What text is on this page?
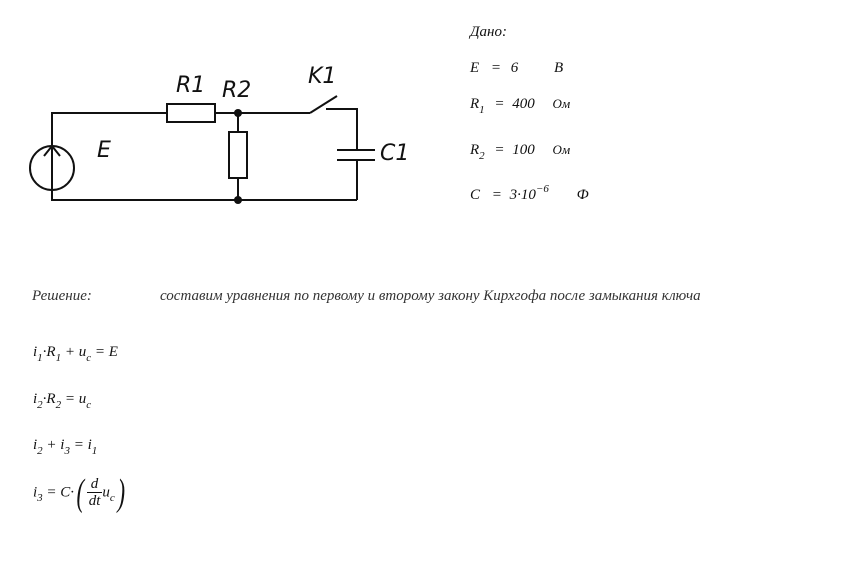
E
R1 R2
K1
C1
Дано:
E = 6 В
$R_1 = 400$ Ом
$R_2 = 100$ Ом
$C = 3\cdot 10^{-6}$ Ф
Решение:	составим уравнения по первому и второму закону Кирхгофа после замыкания ключа
$i_1\cdot R_1 + u_c = E$
$i_2\cdot R_2 = u_c$
$i_2 + i_3 = i_1$
$i_3 = C\cdot( \frac{d}{dt} u_c)$
